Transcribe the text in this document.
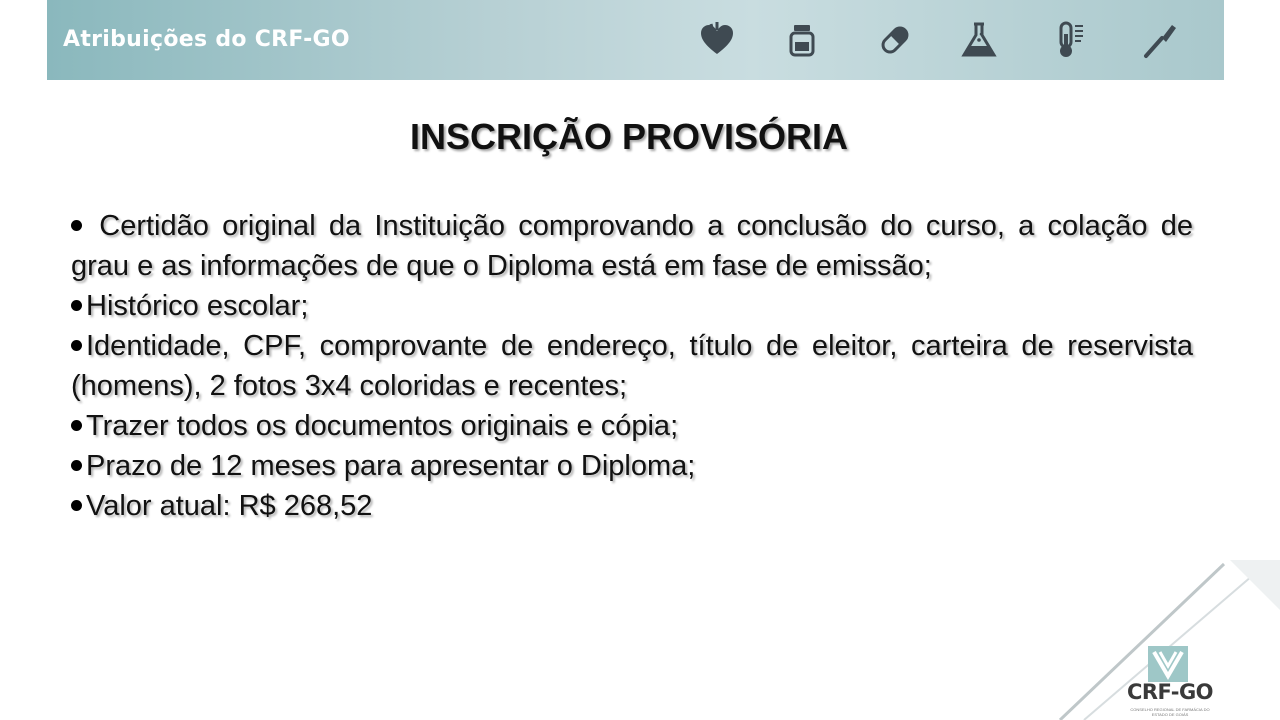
Atribuições do CRF-GO
INSCRIÇÃO PROVISÓRIA
Certidão original da Instituição comprovando a conclusão do curso, a colação de grau e as informações de que o Diploma está em fase de emissão;
Histórico escolar;
Identidade, CPF, comprovante de endereço, título de eleitor, carteira de reservista (homens), 2 fotos 3x4 coloridas e recentes;
Trazer todos os documentos originais e cópia;
Prazo de 12 meses para apresentar o Diploma;
Valor atual: R$ 268,52
CRF-GO
CONSELHO REGIONAL DE FARMÁCIA DO ESTADO DE GOIÁS
